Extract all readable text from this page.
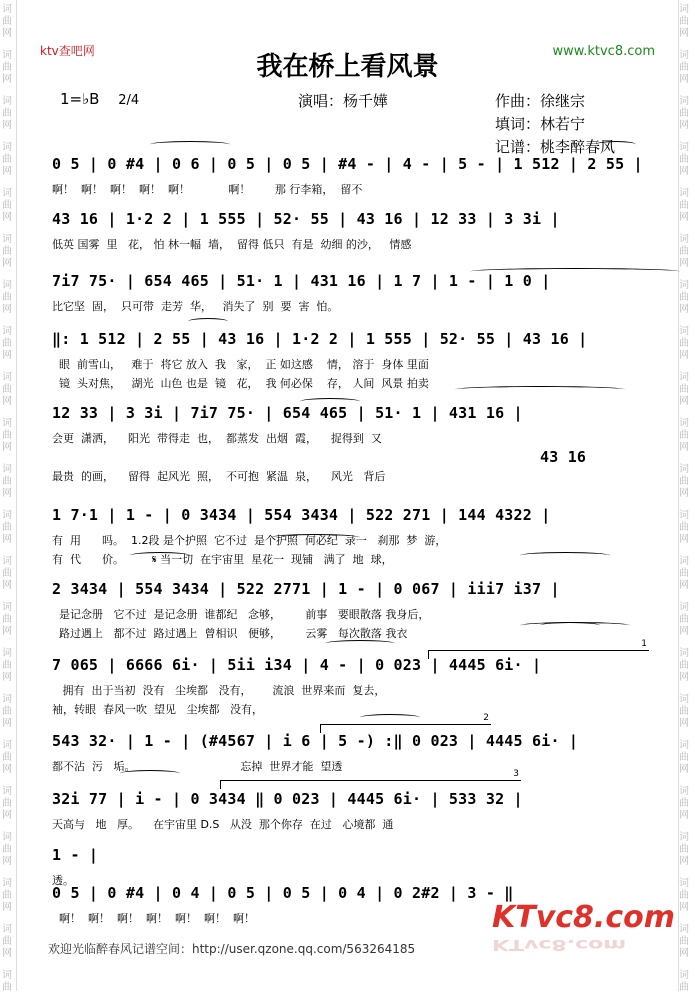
词
曲
网
词
曲
网
词
曲
网
词
曲
网
词
曲
网
词
曲
网
词
曲
网
词
曲
网
词
曲
网
词
曲
网
词
曲
网
词
曲
网
词
曲
网
词
曲
网
词
曲
网
词
曲
网
词
曲
网
词
曲
网
词
曲
网
词
曲
网
词
曲
网
词
曲
词
曲
网
词
曲
网
词
曲
网
词
曲
网
词
曲
网
词
曲
网
词
曲
网
词
曲
网
词
曲
网
词
曲
网
词
曲
网
词
曲
网
词
曲
网
词
曲
网
词
曲
网
词
曲
网
词
曲
网
词
曲
网
词
曲
网
词
曲
网
词
曲
网
词
曲
ktv查吧网	www.ktvc8.com
我在桥上看风景
1=♭B 2/4	演唱：杨千嬅	作曲：徐继宗
填词：林若宁
记谱：桃李醉春风
0 5 | 0 #4 | 0 6 | 0 5 | 0 5 | #4 - | 4 - | 5 - | 1 512 | 2 55 |
啊！  啊！  啊！  啊！  啊！           啊！       那 行李箱，  留不
43 16 | 1·2 2 | 1 555 | 52· 55 | 43 16 | 12 33 | 3 3i |
低英 国雾  里   花， 怕 林一幅  墙，  留得 低只  有是  幼细 的沙，   情感
7i7 75· | 654 465 | 51· 1 | 431 16 | 1 7 | 1 - | 1 0 |
比它坚  固，  只可带  走芳  华，   消失了  别  要  害  怕。
‖: 1 512 | 2 55 | 43 16 | 1·2 2 | 1 555 | 52· 55 | 43 16 |
眼  前雪山，   难于  将它 放入  我   家，  正 如这感    情， 溶于  身体 里面
镜  头对焦，   湖光  山色 也是  镜   花，  我 何必保    存， 人间  风景 拍卖
12 33 | 3 3i | 7i7 75· | 654 465 | 51· 1 | 431 16 |
会更  潇洒，    阳光  带得走  也，  都蒸发  出烟  霞，    捉得到  又
最贵  的画，    留得  起风光  照，  不可抱  紧温  泉，    风光   背后
43 16
1 7·1 | 1 - | 0 3434 | 554 3434 | 522 271 | 144 4322 |
有  用      吗。  1.2段 是个护照  它不过  是个护照  何必纪  录一   刹那  梦  游，
有  代      价。        𝄋 当一切  在宇宙里  星花一  现铺   满了  地  球，
2 3434 | 554 3434 | 522 2771 | 1 - | 0 067 | iii7 i37 |
是记念册   它不过  是记念册  谁都纪   念够，       前事   要眼散落 我身后，
路过遇上   都不过  路过遇上  曾相识   便够，       云雾   每次散落 我衣
7 065 | 6666 6i· | 5ii i34 | 4 - | 0 023 | 4445 6i· |
拥有  出于当初  没有   尘埃都   没有，      流浪  世界来而  复去，
袖，转眼  春风一吹  望见   尘埃都   没有，
543 32· | 1 - | (#4567 | i 6 | 5 -) :‖ 0 023 | 4445 6i· |
都不沾  污   垢。                              忘掉  世界才能  望透
32i 77 | i - | 0 3434 ‖ 0 023 | 4445 6i· | 533 32 |
天高与   地   厚。    在宇宙里 D.S   从没  那个你存  在过   心境都  通
1 - |
透。
0 5 | 0 #4 | 0 4 | 0 5 | 0 5 | 0 4 | 0 2#2 | 3 - ‖
啊！  啊！  啊！  啊！  啊！  啊！  啊！
欢迎光临醉春风记谱空间：http://user.qzone.qq.com/563264185
KTvc8.com
KTvc8.com
1
2
3
